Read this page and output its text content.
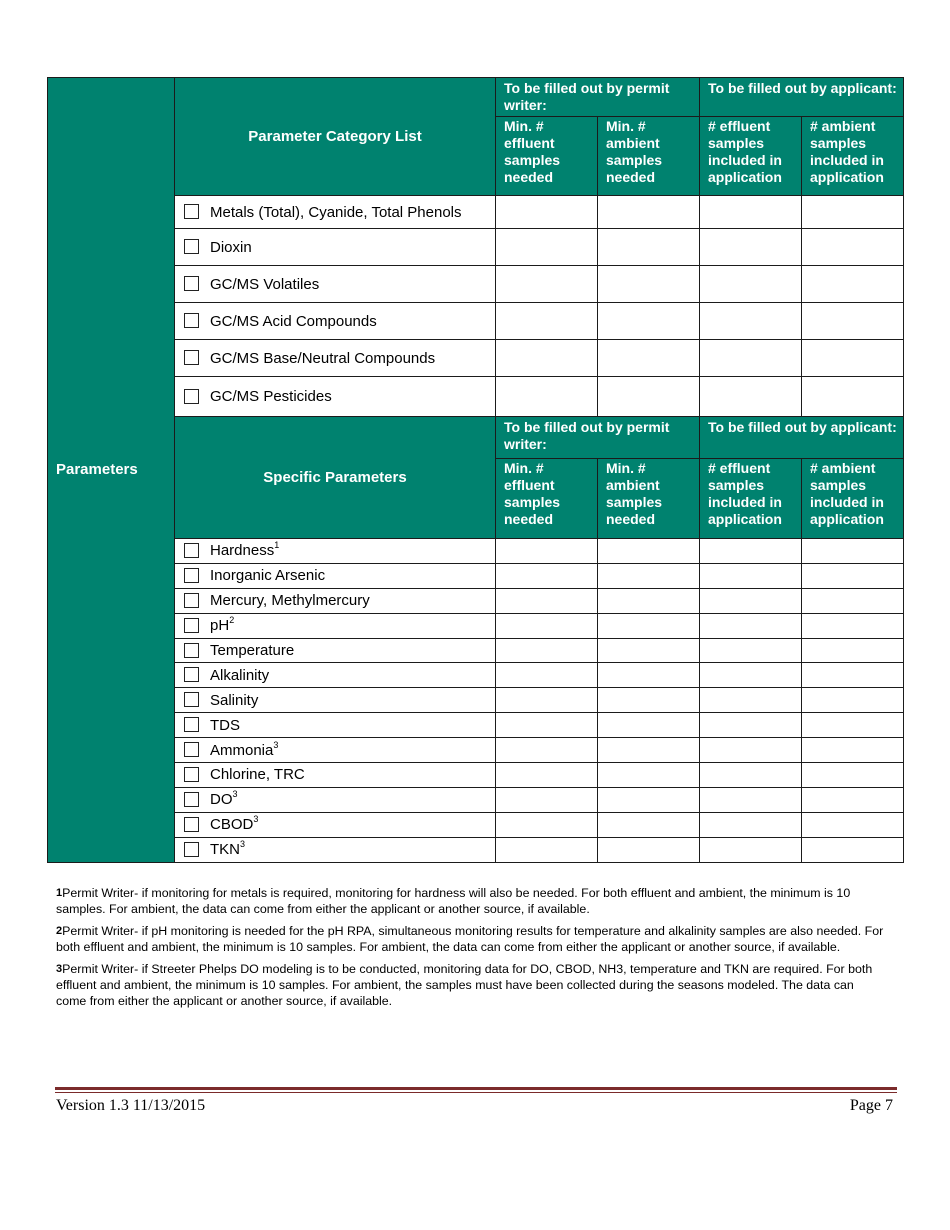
Parameters	Parameter Category List	To be filled out by permit writer:		To be filled out by applicant:	
		Min. # effluent samples needed	Min. # ambient samples needed	# effluent samples included in application	# ambient samples included in application
	Metals (Total), Cyanide, Total Phenols				
	Dioxin				
	GC/MS Volatiles				
	GC/MS Acid Compounds				
	GC/MS Base/Neutral Compounds				
	GC/MS Pesticides				
	Specific Parameters	To be filled out by permit writer:		To be filled out by applicant:	
		Min. # effluent samples needed	Min. # ambient samples needed	# effluent samples included in application	# ambient samples included in application
	Hardness$^1$				
	Inorganic Arsenic				
	Mercury, Methylmercury				
	$pH^2$				
	Temperature				
	Alkalinity				
	Salinity				
	TDS				
	Ammonia$^3$				
	Chlorine, TRC				
	$DO^3$				
	CBOD$^3$				
	TKN$^3$				

1Permit Writer- if monitoring for metals is required, monitoring for hardness will also be needed. For both effluent and ambient, the minimum is 10 samples. For ambient, the data can come from either the applicant or another source, if available.

2Permit Writer- if pH monitoring is needed for the pH RPA, simultaneous monitoring results for temperature and alkalinity samples are also needed. For both effluent and ambient, the minimum is 10 samples. For ambient, the data can come from either the applicant or another source, if available.

3Permit Writer- if Streeter Phelps DO modeling is to be conducted, monitoring data for DO, CBOD, NH3, temperature and TKN are required. For both effluent and ambient, the minimum is 10 samples. For ambient, the samples must have been collected during the seasons modeled. The data can come from either the applicant or another source, if available.

Version 1.3 11/13/2015	Page 7
